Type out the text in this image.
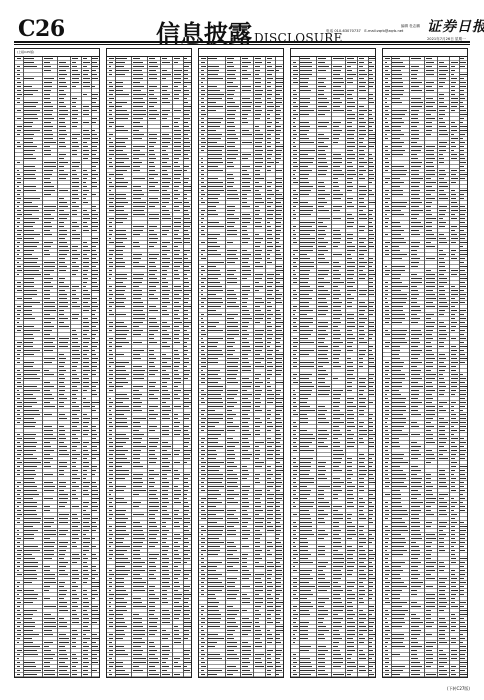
C26	信息披露 DISCLOSURE
编辑 杜志鹏
电话 010-63070737　E-mail:zqrb@zqrb.net	证券日报
2021年7月26日 星期一
(上接C25版)
(下转C27版)
